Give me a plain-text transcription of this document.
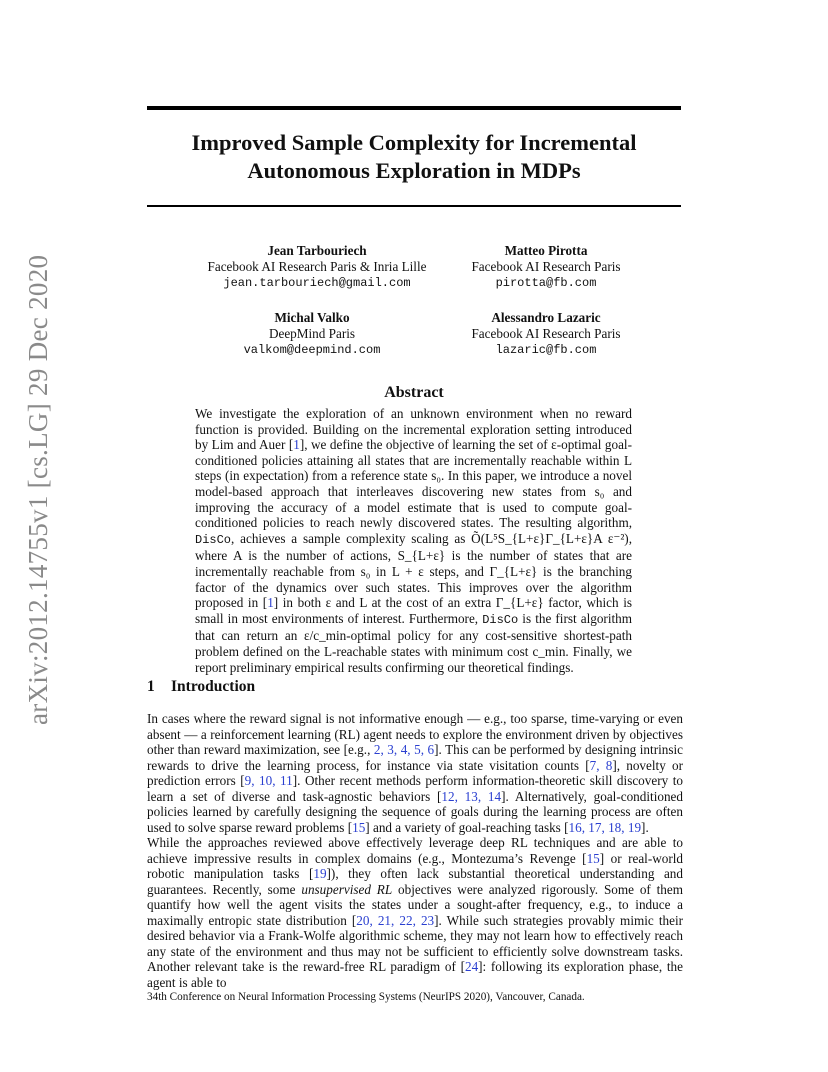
arXiv:2012.14755v1 [cs.LG] 29 Dec 2020
Improved Sample Complexity for Incremental Autonomous Exploration in MDPs
Jean Tarbouriech
Facebook AI Research Paris & Inria Lille
jean.tarbouriech@gmail.com
Matteo Pirotta
Facebook AI Research Paris
pirotta@fb.com
Michal Valko
DeepMind Paris
valkom@deepmind.com
Alessandro Lazaric
Facebook AI Research Paris
lazaric@fb.com
Abstract

We investigate the exploration of an unknown environment when no reward function is provided. Building on the incremental exploration setting introduced by Lim and Auer [1], we define the objective of learning the set of ε-optimal goal-conditioned policies attaining all states that are incrementally reachable within L steps (in expectation) from a reference state s₀. In this paper, we introduce a novel model-based approach that interleaves discovering new states from s₀ and improving the accuracy of a model estimate that is used to compute goal-conditioned policies to reach newly discovered states. The resulting algorithm, DisCo, achieves a sample complexity scaling as Õ(L⁵S_{L+ε}Γ_{L+ε}A ε⁻²), where A is the number of actions, S_{L+ε} is the number of states that are incrementally reachable from s₀ in L + ε steps, and Γ_{L+ε} is the branching factor of the dynamics over such states. This improves over the algorithm proposed in [1] in both ε and L at the cost of an extra Γ_{L+ε} factor, which is small in most environments of interest. Furthermore, DisCo is the first algorithm that can return an ε/c_min-optimal policy for any cost-sensitive shortest-path problem defined on the L-reachable states with minimum cost c_min. Finally, we report preliminary empirical results confirming our theoretical findings.

1 Introduction

In cases where the reward signal is not informative enough — e.g., too sparse, time-varying or even absent — a reinforcement learning (RL) agent needs to explore the environment driven by objectives other than reward maximization, see [e.g., 2, 3, 4, 5, 6]. This can be performed by designing intrinsic rewards to drive the learning process, for instance via state visitation counts [7, 8], novelty or prediction errors [9, 10, 11]. Other recent methods perform information-theoretic skill discovery to learn a set of diverse and task-agnostic behaviors [12, 13, 14]. Alternatively, goal-conditioned policies learned by carefully designing the sequence of goals during the learning process are often used to solve sparse reward problems [15] and a variety of goal-reaching tasks [16, 17, 18, 19].

While the approaches reviewed above effectively leverage deep RL techniques and are able to achieve impressive results in complex domains (e.g., Montezuma’s Revenge [15] or real-world robotic manipulation tasks [19]), they often lack substantial theoretical understanding and guarantees. Recently, some unsupervised RL objectives were analyzed rigorously. Some of them quantify how well the agent visits the states under a sought-after frequency, e.g., to induce a maximally entropic state distribution [20, 21, 22, 23]. While such strategies provably mimic their desired behavior via a Frank-Wolfe algorithmic scheme, they may not learn how to effectively reach any state of the environment and thus may not be sufficient to efficiently solve downstream tasks. Another relevant take is the reward-free RL paradigm of [24]: following its exploration phase, the agent is able to

34th Conference on Neural Information Processing Systems (NeurIPS 2020), Vancouver, Canada.
